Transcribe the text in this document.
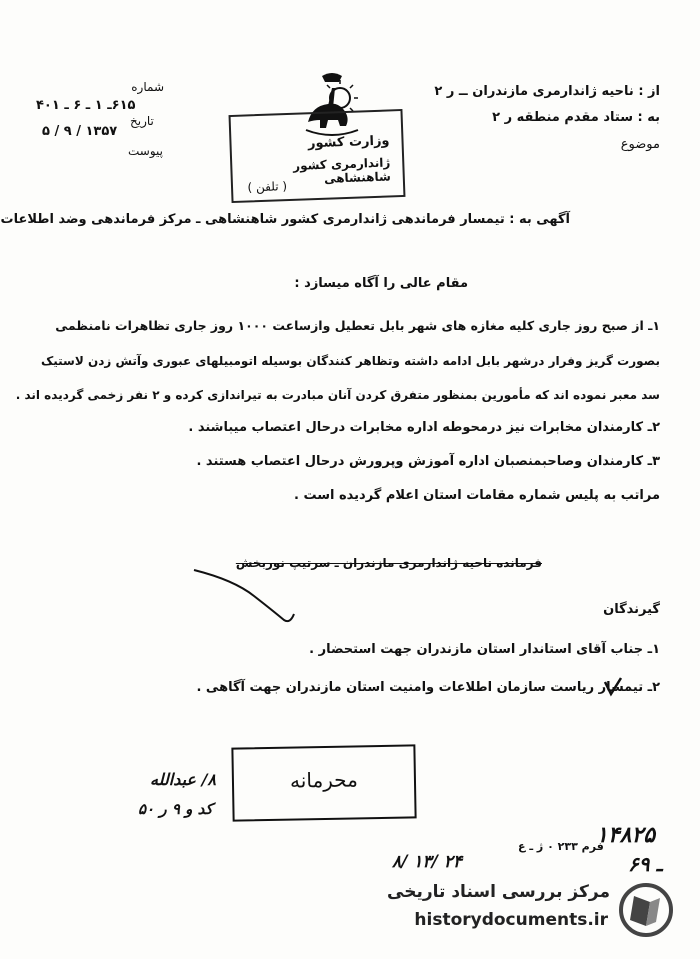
از : ناحیه ژاندارمری مازندران ــ ر ۲
به : ستاد مقدم منطقه ر ۲
موضوع
شماره
۶۱۵ـ ۱ ـ ۶ ـ ۴۰۱
تاریخ
۱۳۵۷ / ۹ / ۵
پیوست	وزارت کشور
ژاندارمری کشور شاهنشاهی
( تلفن )
آگهی به : تیمسار فرماندهی ژاندارمری کشور شاهنشاهی ـ مرکز فرماندهی وضد اطلاعات
مقام عالی را آگاه میسازد :
۱ـ از صبح روز جاری کلیه مغازه های شهر بابل تعطیل وازساعت ۱۰۰۰ روز جاری تظاهرات نامنظمی
بصورت گریز وفرار درشهر بابل ادامه داشته وتظاهر کنندگان بوسیله اتومبیلهای عبوری وآتش زدن لاستیک
سد معبر نموده اند که مأمورین بمنظور متفرق کردن آنان مبادرت به تیراندازی کرده و ۲ نفر زخمی گردیده اند .
۲ـ کارمندان مخابرات نیز درمحوطه اداره مخابرات درحال اعتصاب میباشند .
۳ـ کارمندان وصاحبمنصبان اداره آموزش وپرورش درحال اعتصاب هستند .
مراتب به پلیس شماره مقامات استان اعلام گردیده است .
فرمانده ناحیه ژاندارمری مازندران ـ سرتیپ نوربخش
گیرندگان
۱ـ جناب آقای استاندار استان مازندران جهت استحضار .
۲ـ تیمسار ریاست سازمان اطلاعات وامنیت استان مازندران جهت آگاهی .
محرمانه
۸/ عبدالله
کد و ۹ ر ۵۰
۲۴ /۱۳ /۸
فرم ۲۳۳ ۰ ژ ـ ع
۱۴۸۲۵
۶ـ ۹
مرکز بررسی اسناد تاریخی
historydocuments.ir
